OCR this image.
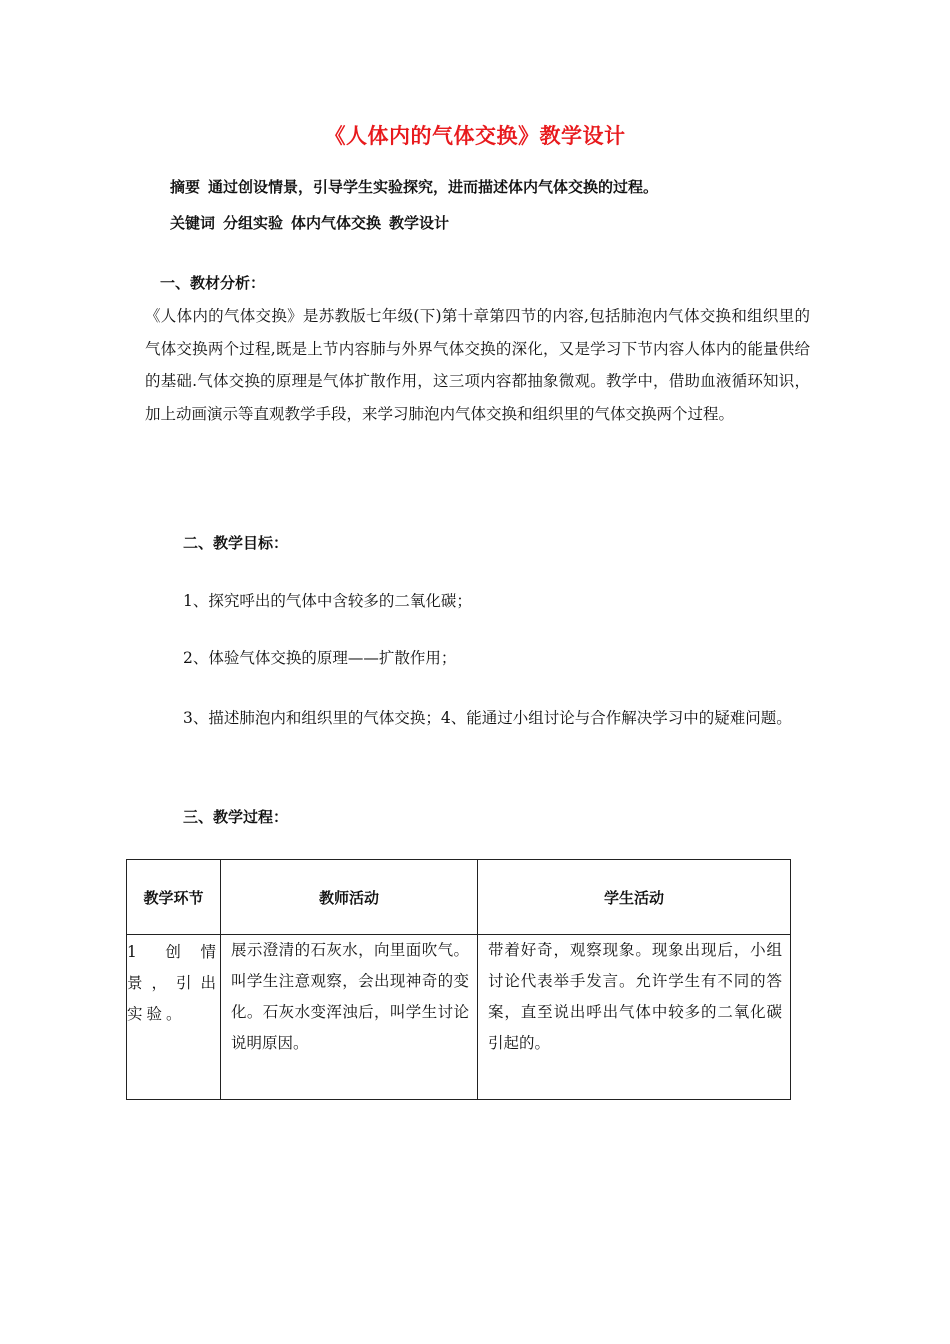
《人体内的气体交换》教学设计
摘要 通过创设情景，引导学生实验探究，进而描述体内气体交换的过程。
关键词 分组实验 体内气体交换 教学设计
一、教材分析：
《人体内的气体交换》是苏教版七年级(下)第十章第四节的内容,包括肺泡内气体交换和组织里的气体交换两个过程,既是上节内容肺与外界气体交换的深化，又是学习下节内容人体内的能量供给的基础.气体交换的原理是气体扩散作用，这三项内容都抽象微观。教学中，借助血液循环知识，加上动画演示等直观教学手段，来学习肺泡内气体交换和组织里的气体交换两个过程。
二、教学目标：
1、探究呼出的气体中含较多的二氧化碳；
2、体验气体交换的原理——扩散作用；
3、描述肺泡内和组织里的气体交换；4、能通过小组讨论与合作解决学习中的疑难问题。
三、教学过程：
教学环节	教师活动	学生活动
1 创情景，引出实验。	展示澄清的石灰水，向里面吹气。叫学生注意观察，会出现神奇的变化。石灰水变浑浊后，叫学生讨论说明原因。	带着好奇，观察现象。现象出现后，小组讨论代表举手发言。允许学生有不同的答案，直至说出呼出气体中较多的二氧化碳引起的。
